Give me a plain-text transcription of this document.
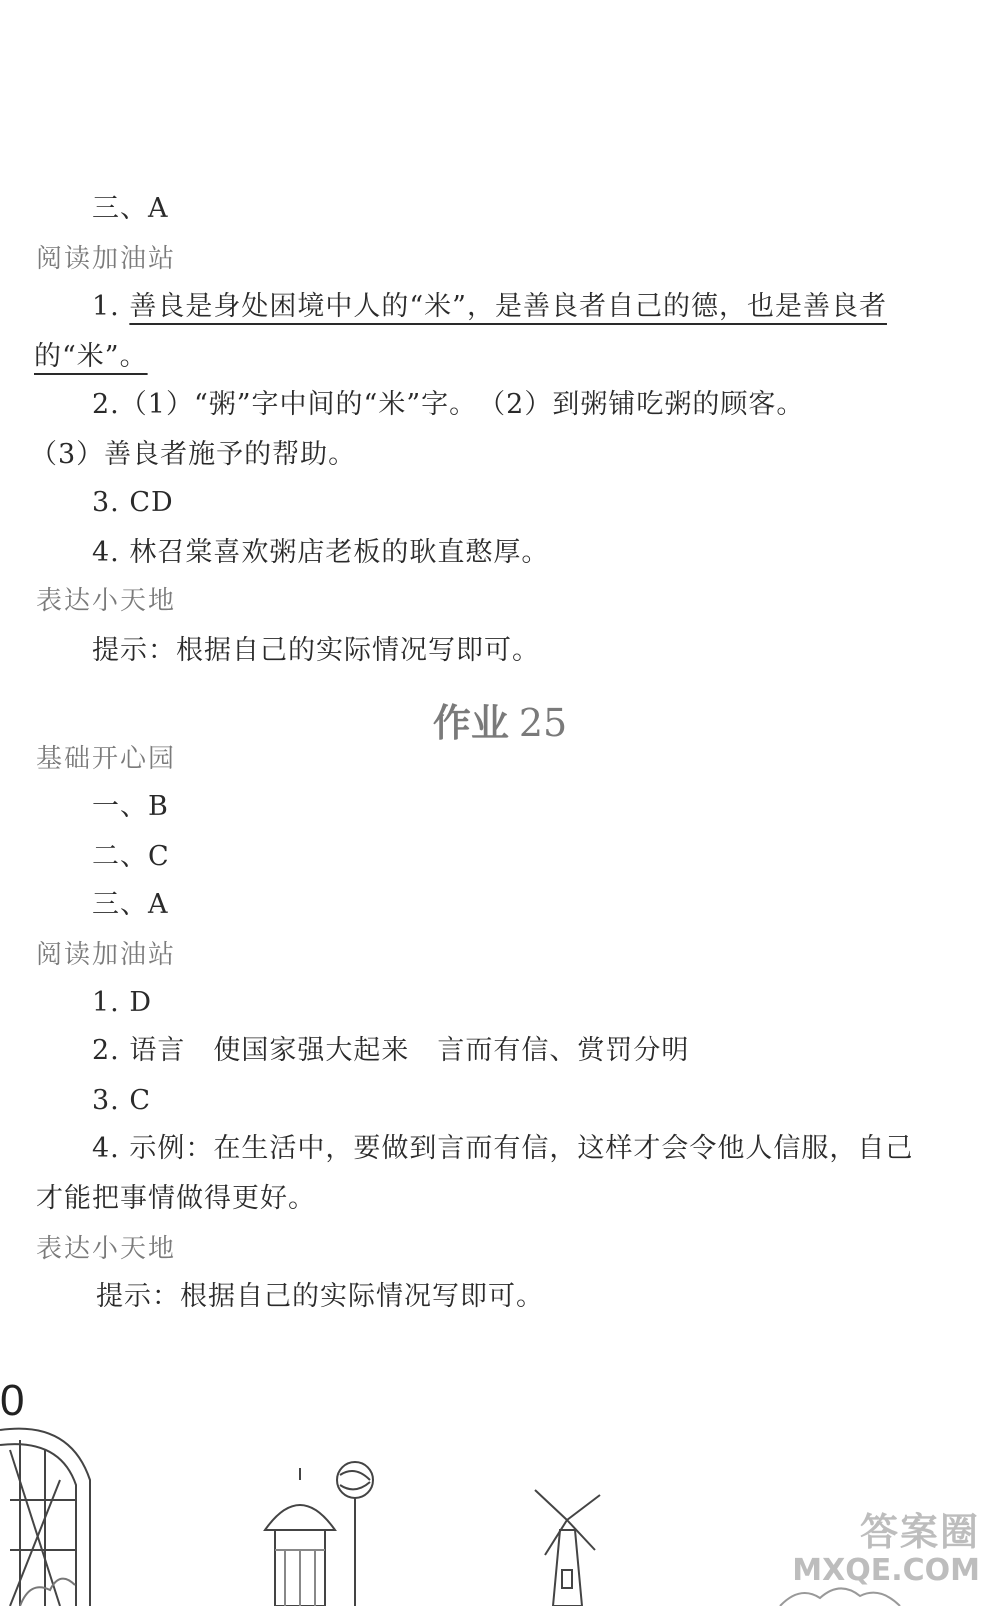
三、A
阅读加油站
1. 善良是身处困境中人的“米”，是善良者自己的德，也是善良者
的“米”。
2.（1）“粥”字中间的“米”字。　（2）到粥铺吃粥的顾客。
（3）善良者施予的帮助。
3. CD
4. 林召棠喜欢粥店老板的耿直憨厚。
表达小天地
提示：根据自己的实际情况写即可。
作业 25
基础开心园
一、B
二、C
三、A
阅读加油站
1. D
2. 语言　使国家强大起来　言而有信、赏罚分明
3. C
4. 示例：在生活中，要做到言而有信，这样才会令他人信服，自己
才能把事情做得更好。
表达小天地
提示：根据自己的实际情况写即可。
0
答案圈
MXQE.COM
